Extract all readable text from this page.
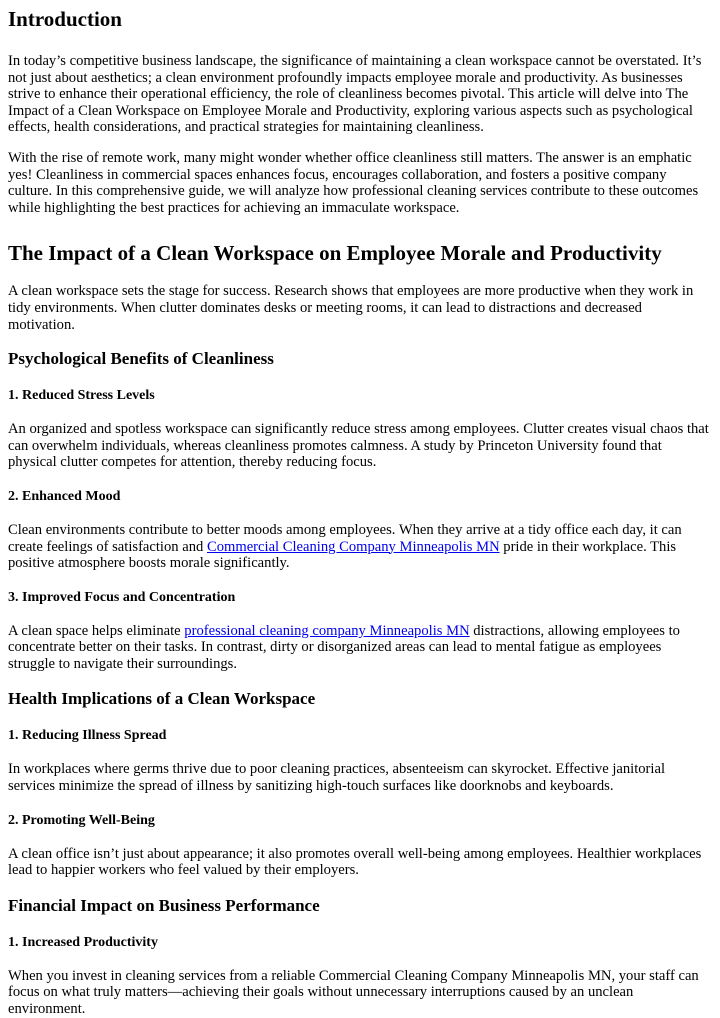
Introduction

In today’s competitive business landscape, the significance of maintaining a clean workspace cannot be overstated. It’s not just about aesthetics; a clean environment profoundly impacts employee morale and productivity. As businesses strive to enhance their operational efficiency, the role of cleanliness becomes pivotal. This article will delve into The Impact of a Clean Workspace on Employee Morale and Productivity, exploring various aspects such as psychological effects, health considerations, and practical strategies for maintaining cleanliness.

With the rise of remote work, many might wonder whether office cleanliness still matters. The answer is an emphatic yes! Cleanliness in commercial spaces enhances focus, encourages collaboration, and fosters a positive company culture. In this comprehensive guide, we will analyze how professional cleaning services contribute to these outcomes while highlighting the best practices for achieving an immaculate workspace.

The Impact of a Clean Workspace on Employee Morale and Productivity

A clean workspace sets the stage for success. Research shows that employees are more productive when they work in tidy environments. When clutter dominates desks or meeting rooms, it can lead to distractions and decreased motivation.

Psychological Benefits of Cleanliness
1. Reduced Stress Levels

An organized and spotless workspace can significantly reduce stress among employees. Clutter creates visual chaos that can overwhelm individuals, whereas cleanliness promotes calmness. A study by Princeton University found that physical clutter competes for attention, thereby reducing focus.

2. Enhanced Mood

Clean environments contribute to better moods among employees. When they arrive at a tidy office each day, it can create feelings of satisfaction and Commercial Cleaning Company Minneapolis MN pride in their workplace. This positive atmosphere boosts morale significantly.

3. Improved Focus and Concentration

A clean space helps eliminate professional cleaning company Minneapolis MN distractions, allowing employees to concentrate better on their tasks. In contrast, dirty or disorganized areas can lead to mental fatigue as employees struggle to navigate their surroundings.

Health Implications of a Clean Workspace
1. Reducing Illness Spread

In workplaces where germs thrive due to poor cleaning practices, absenteeism can skyrocket. Effective janitorial services minimize the spread of illness by sanitizing high-touch surfaces like doorknobs and keyboards.

2. Promoting Well-Being

A clean office isn’t just about appearance; it also promotes overall well-being among employees. Healthier workplaces lead to happier workers who feel valued by their employers.

Financial Impact on Business Performance
1. Increased Productivity

When you invest in cleaning services from a reliable Commercial Cleaning Company Minneapolis MN, your staff can focus on what truly matters—achieving their goals without unnecessary interruptions caused by an unclean environment.
